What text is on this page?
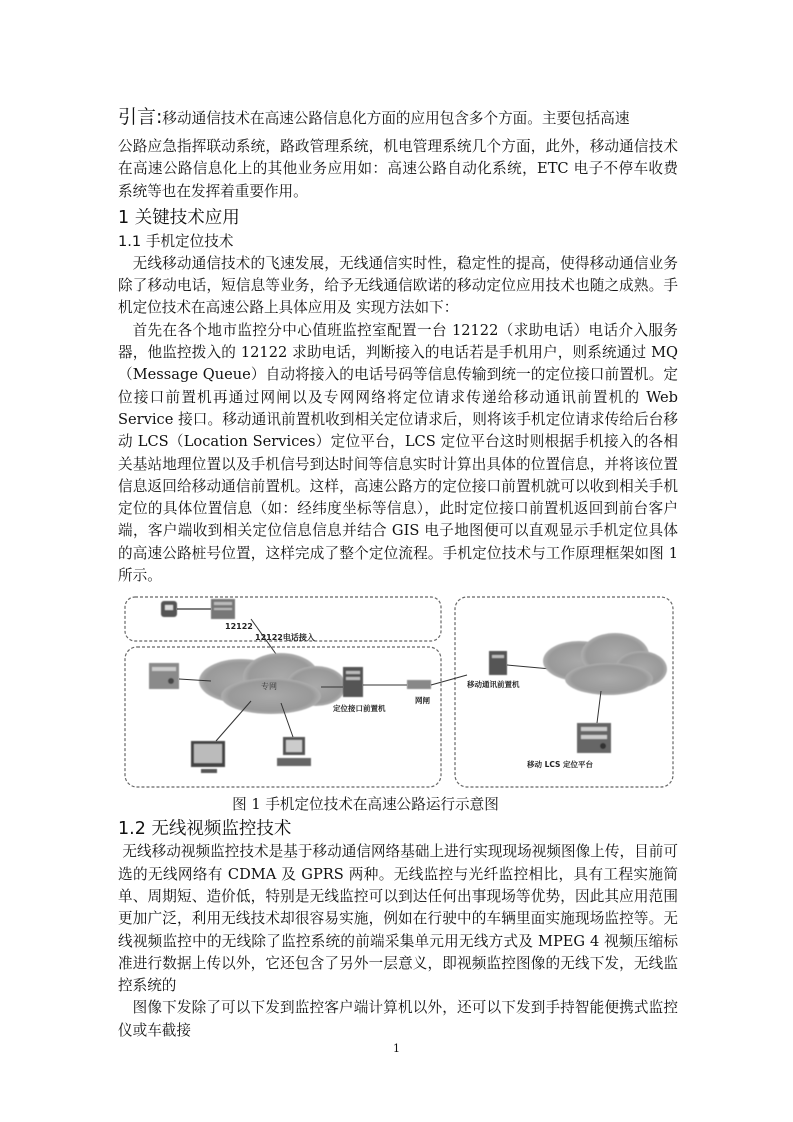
引言:移动通信技术在高速公路信息化方面的应用包含多个方面。主要包括高速
公路应急指挥联动系统，路政管理系统，机电管理系统几个方面，此外，移动通信技术在高速公路信息化上的其他业务应用如：高速公路自动化系统，ETC 电子不停车收费系统等也在发挥着重要作用。

1 关键技术应用
1.1 手机定位技术

无线移动通信技术的飞速发展，无线通信实时性，稳定性的提高，使得移动通信业务除了移动电话，短信息等业务，给予无线通信欧诺的移动定位应用技术也随之成熟。手机定位技术在高速公路上具体应用及 实现方法如下：

首先在各个地市监控分中心值班监控室配置一台 12122（求助电话）电话介入服务器，他监控拨入的 12122 求助电话，判断接入的电话若是手机用户，则系统通过 MQ（Message Queue）自动将接入的电话号码等信息传输到统一的定位接口前置机。定位接口前置机再通过网闸以及专网网络将定位请求传递给移动通讯前置机的 Web Service 接口。移动通讯前置机收到相关定位请求后，则将该手机定位请求传给后台移动 LCS（Location Services）定位平台，LCS 定位平台这时则根据手机接入的各相关基站地理位置以及手机信号到达时间等信息实时计算出具体的位置信息，并将该位置信息返回给移动通信前置机。这样，高速公路方的定位接口前置机就可以收到相关手机定位的具体位置信息（如：经纬度坐标等信息），此时定位接口前置机返回到前台客户端，客户端收到相关定位信息信息并结合 GIS 电子地图便可以直观显示手机定位具体的高速公路桩号位置，这样完成了整个定位流程。手机定位技术与工作原理框架如图 1 所示。

12122
12122电话接入
专网
定位接口前置机
网闸
移动通讯前置机
移动 LCS 定位平台
图 1 手机定位技术在高速公路运行示意图
1.2 无线视频监控技术

无线移动视频监控技术是基于移动通信网络基础上进行实现现场视频图像上传，目前可选的无线网络有 CDMA 及 GPRS 两种。无线监控与光纤监控相比，具有工程实施简单、周期短、造价低，特别是无线监控可以到达任何出事现场等优势，因此其应用范围更加广泛，利用无线技术却很容易实施，例如在行驶中的车辆里面实施现场监控等。无线视频监控中的无线除了监控系统的前端采集单元用无线方式及 MPEG 4 视频压缩标准进行数据上传以外，它还包含了另外一层意义，即视频监控图像的无线下发，无线监控系统的

图像下发除了可以下发到监控客户端计算机以外，还可以下发到手持智能便携式监控仪或车截接

1
